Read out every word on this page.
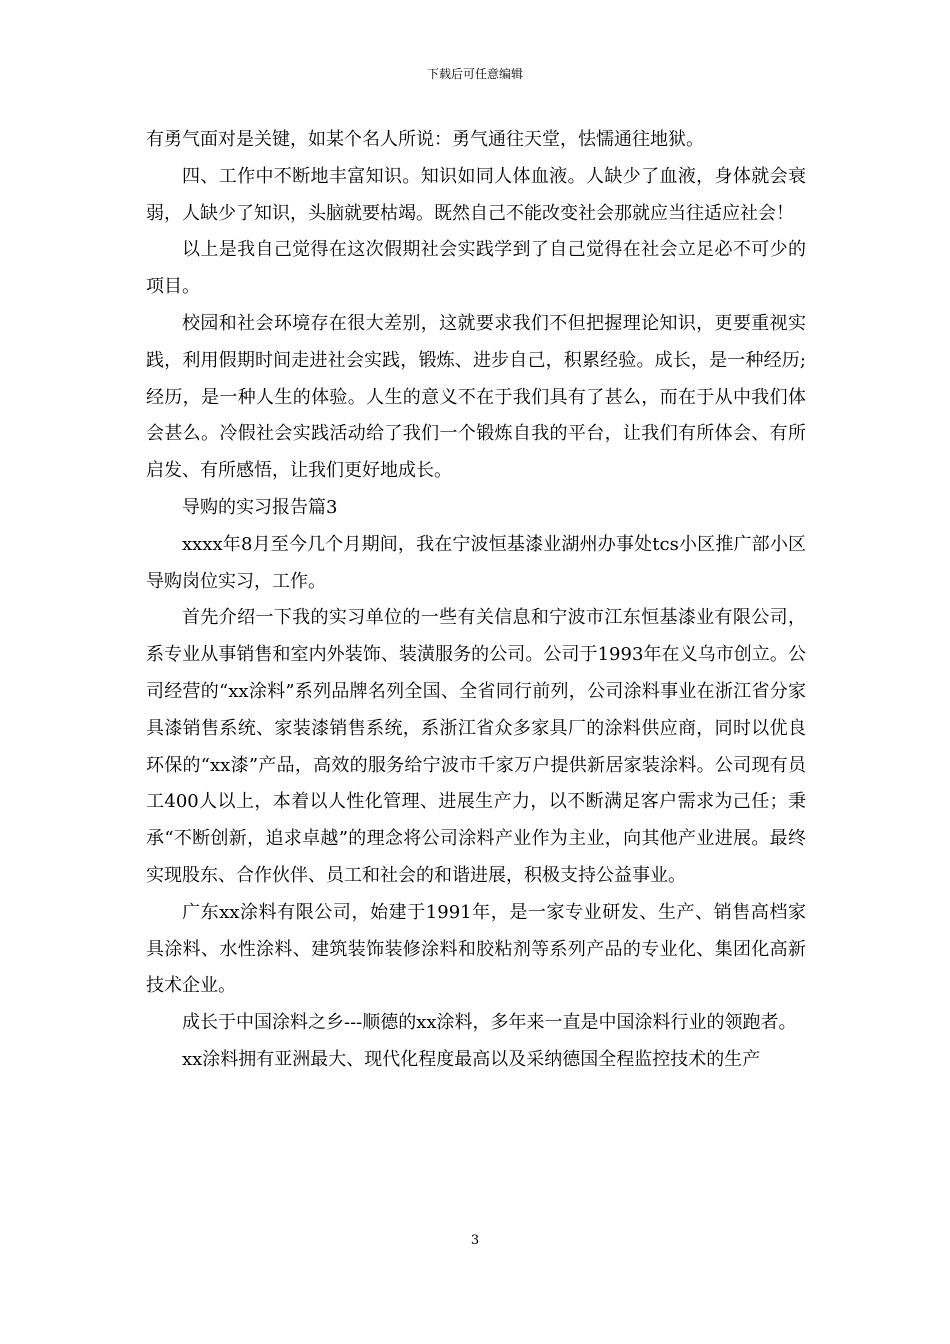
下载后可任意编辑

有勇气面对是关键，如某个名人所说：勇气通往天堂，怯懦通往地狱。

四、工作中不断地丰富知识。知识如同人体血液。人缺少了血液，身体就会衰弱，人缺少了知识，头脑就要枯竭。既然自己不能改变社会那就应当往适应社会！

以上是我自己觉得在这次假期社会实践学到了自己觉得在社会立足必不可少的项目。

校园和社会环境存在很大差别，这就要求我们不但把握理论知识，更要重视实践，利用假期时间走进社会实践，锻炼、进步自己，积累经验。成长，是一种经历;经历，是一种人生的体验。人生的意义不在于我们具有了甚么，而在于从中我们体会甚么。冷假社会实践活动给了我们一个锻炼自我的平台，让我们有所体会、有所启发、有所感悟，让我们更好地成长。

导购的实习报告篇3

xxxx年8月至今几个月期间，我在宁波恒基漆业湖州办事处tcs小区推广部小区导购岗位实习，工作。

首先介绍一下我的实习单位的一些有关信息和宁波市江东恒基漆业有限公司，系专业从事销售和室内外装饰、装潢服务的公司。公司于1993年在义乌市创立。公司经营的“xx涂料”系列品牌名列全国、全省同行前列，公司涂料事业在浙江省分家具漆销售系统、家装漆销售系统，系浙江省众多家具厂的涂料供应商，同时以优良环保的“xx漆”产品，高效的服务给宁波市千家万户提供新居家装涂料。公司现有员工400人以上，本着以人性化管理、进展生产力，以不断满足客户需求为己任；秉承“不断创新，追求卓越”的理念将公司涂料产业作为主业，向其他产业进展。最终实现股东、合作伙伴、员工和社会的和谐进展，积极支持公益事业。

广东xx涂料有限公司，始建于1991年，是一家专业研发、生产、销售高档家具涂料、水性涂料、建筑装饰装修涂料和胶粘剂等系列产品的专业化、集团化高新技术企业。

成长于中国涂料之乡---顺德的xx涂料，多年来一直是中国涂料行业的领跑者。

xx涂料拥有亚洲最大、现代化程度最高以及采纳德国全程监控技术的生产

3
